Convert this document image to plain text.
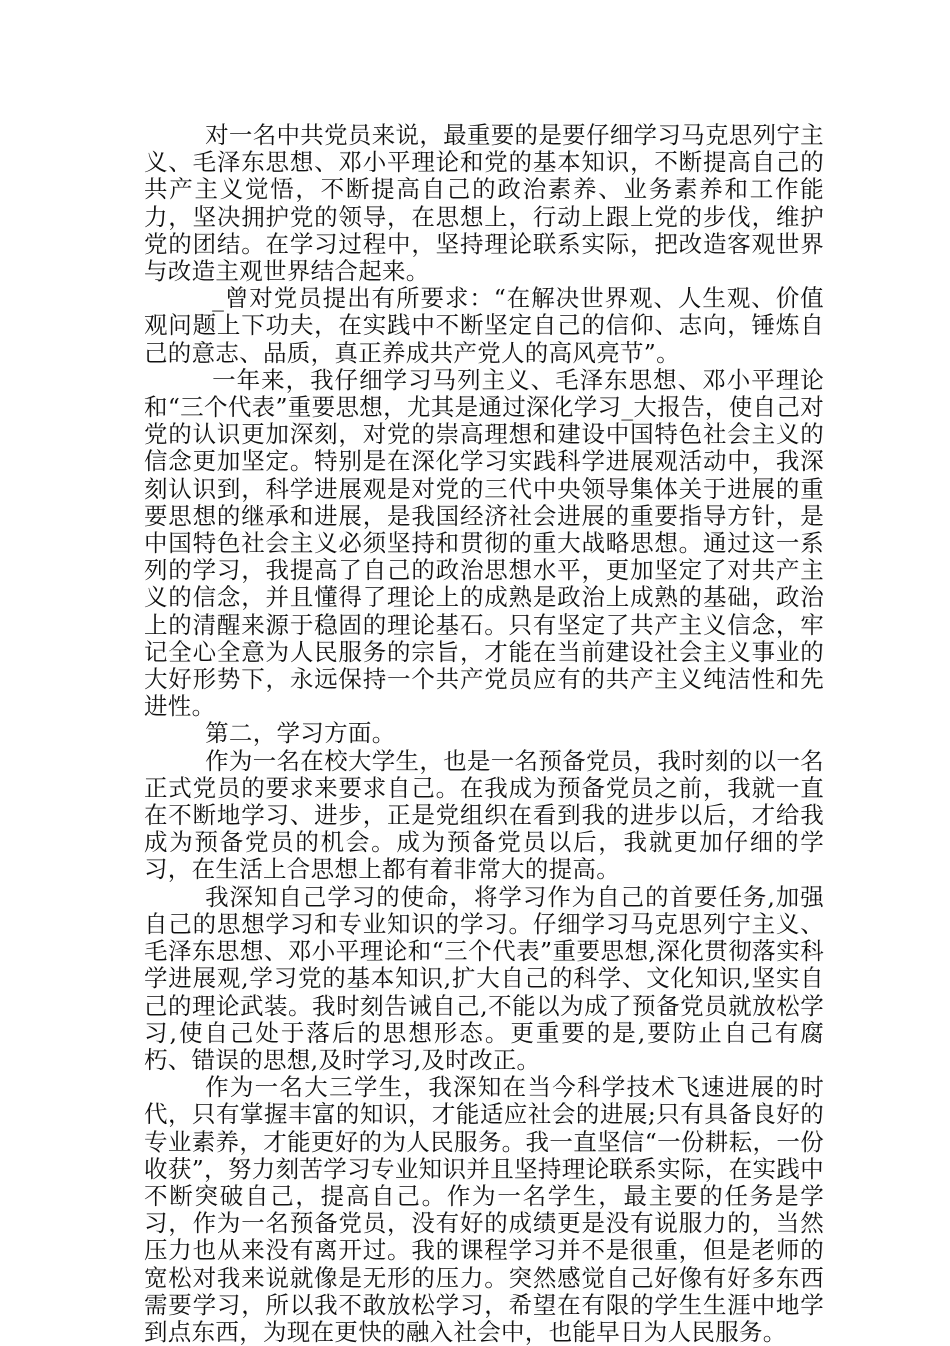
对一名中共党员来说，最重要的是要仔细学习马克思列宁主义、毛泽东思想、邓小平理论和党的基本知识，不断提高自己的共产主义觉悟，不断提高自己的政治素养、业务素养和工作能力，坚决拥护党的领导，在思想上，行动上跟上党的步伐，维护党的团结。在学习过程中，坚持理论联系实际，把改造客观世界与改造主观世界结合起来。

_曾对党员提出有所要求：“在解决世界观、人生观、价值观问题上下功夫，在实践中不断坚定自己的信仰、志向，锤炼自己的意志、品质，真正养成共产党人的高风亮节”。

一年来，我仔细学习马列主义、毛泽东思想、邓小平理论和“三个代表”重要思想，尤其是通过深化学习_大报告，使自己对党的认识更加深刻，对党的崇高理想和建设中国特色社会主义的信念更加坚定。特别是在深化学习实践科学进展观活动中，我深刻认识到，科学进展观是对党的三代中央领导集体关于进展的重要思想的继承和进展，是我国经济社会进展的重要指导方针，是中国特色社会主义必须坚持和贯彻的重大战略思想。通过这一系列的学习，我提高了自己的政治思想水平，更加坚定了对共产主义的信念，并且懂得了理论上的成熟是政治上成熟的基础，政治上的清醒来源于稳固的理论基石。只有坚定了共产主义信念，牢记全心全意为人民服务的宗旨，才能在当前建设社会主义事业的大好形势下，永远保持一个共产党员应有的共产主义纯洁性和先进性。

第二，学习方面。

作为一名在校大学生，也是一名预备党员，我时刻的以一名正式党员的要求来要求自己。在我成为预备党员之前，我就一直在不断地学习、进步，正是党组织在看到我的进步以后，才给我成为预备党员的机会。成为预备党员以后，我就更加仔细的学习，在生活上合思想上都有着非常大的提高。

我深知自己学习的使命，将学习作为自己的首要任务,加强自己的思想学习和专业知识的学习。仔细学习马克思列宁主义、毛泽东思想、邓小平理论和“三个代表”重要思想,深化贯彻落实科学进展观,学习党的基本知识,扩大自己的科学、文化知识,坚实自己的理论武装。我时刻告诫自己,不能以为成了预备党员就放松学习,使自己处于落后的思想形态。更重要的是,要防止自己有腐朽、错误的思想,及时学习,及时改正。

作为一名大三学生，我深知在当今科学技术飞速进展的时代，只有掌握丰富的知识，才能适应社会的进展;只有具备良好的专业素养，才能更好的为人民服务。我一直坚信“一份耕耘，一份收获”，努力刻苦学习专业知识并且坚持理论联系实际，在实践中不断突破自己，提高自己。作为一名学生，最主要的任务是学习，作为一名预备党员，没有好的成绩更是没有说服力的，当然压力也从来没有离开过。我的课程学习并不是很重，但是老师的宽松对我来说就像是无形的压力。突然感觉自己好像有好多东西需要学习，所以我不敢放松学习，希望在有限的学生生涯中地学到点东西，为现在更快的融入社会中，也能早日为人民服务。
